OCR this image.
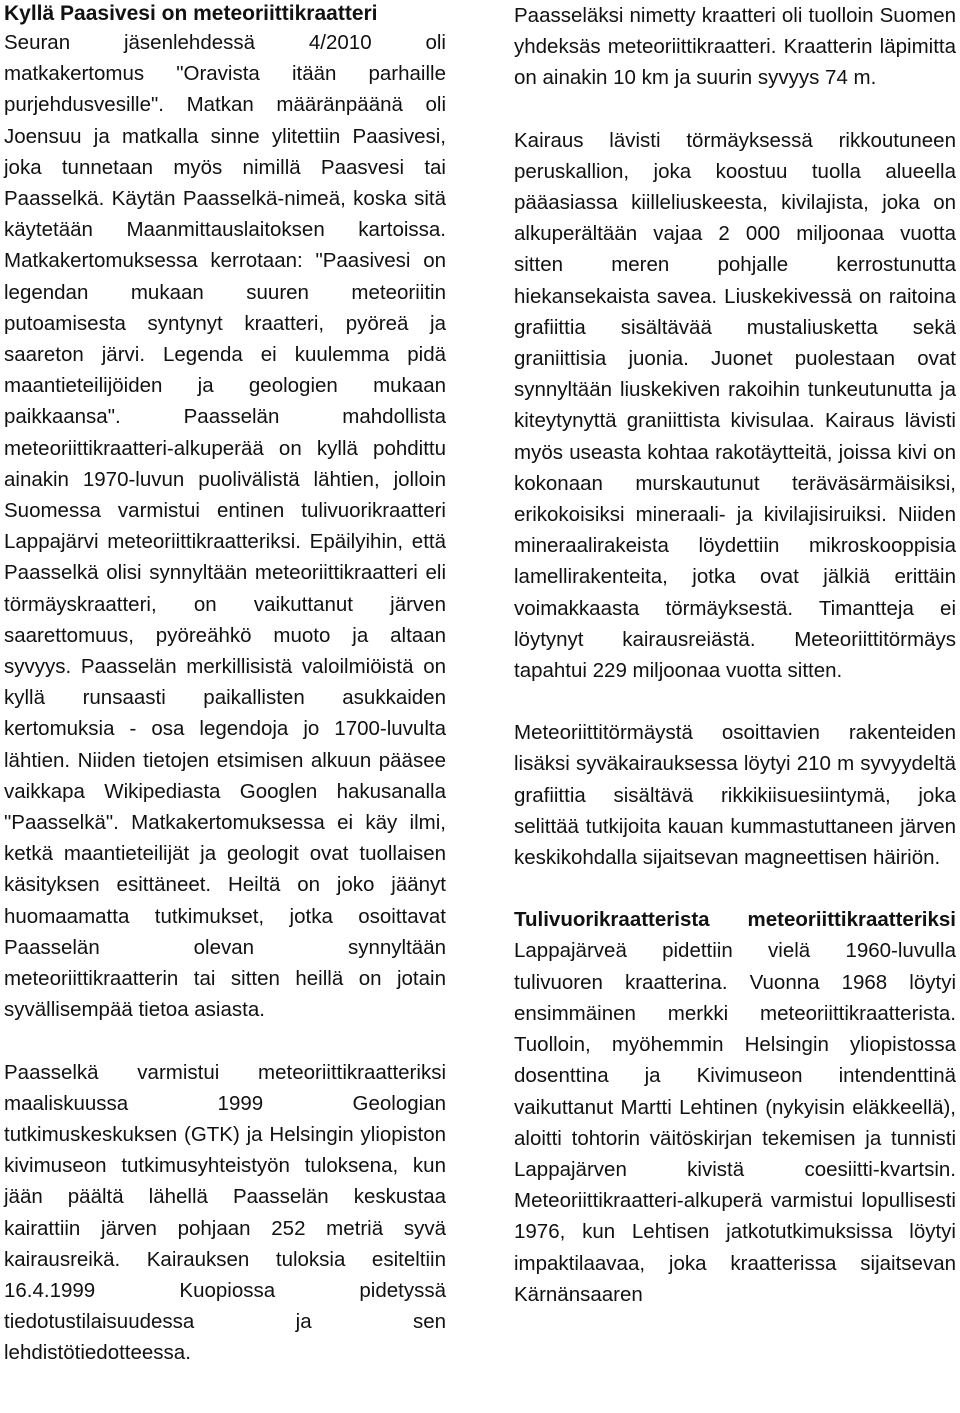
Kyllä Paasivesi on meteoriittikraatteri

Seuran jäsenlehdessä 4/2010 oli matkakertomus "Oravista itään parhaille purjehdusvesille". Matkan määränpäänä oli Joensuu ja matkalla sinne ylitettiin Paasivesi, joka tunnetaan myös nimillä Paasvesi tai Paasselkä. Käytän Paasselkä-nimeä, koska sitä käytetään Maanmittauslaitoksen kartoissa. Matkakertomuksessa kerrotaan: "Paasivesi on legendan mukaan suuren meteoriitin putoamisesta syntynyt kraatteri, pyöreä ja saareton järvi. Legenda ei kuulemma pidä maantieteilijöiden ja geologien mukaan paikkaansa". Paasselän mahdollista meteoriittikraatteri-alkuperää on kyllä pohdittu ainakin 1970-luvun puolivälistä lähtien, jolloin Suomessa varmistui entinen tulivuorikraatteri Lappajärvi meteoriittikraatteriksi. Epäilyihin, että Paasselkä olisi synnyltään meteoriittikraatteri eli törmäyskraatteri, on vaikuttanut järven saarettomuus, pyöreähkö muoto ja altaan syvyys. Paasselän merkillisistä valoilmiöistä on kyllä runsaasti paikallisten asukkaiden kertomuksia - osa legendoja jo 1700-luvulta lähtien. Niiden tietojen etsimisen alkuun pääsee vaikkapa Wikipediasta Googlen hakusanalla "Paasselkä". Matkakertomuksessa ei käy ilmi, ketkä maantieteilijät ja geologit ovat tuollaisen käsityksen esittäneet. Heiltä on joko jäänyt huomaamatta tutkimukset, jotka osoittavat Paasselän olevan synnyltään meteoriittikraatterin tai sitten heillä on jotain syvällisempää tietoa asiasta.

Paasselkä varmistui meteoriittikraatteriksi maaliskuussa 1999 Geologian tutkimuskeskuksen (GTK) ja Helsingin yliopiston kivimuseon tutkimusyhteistyön tuloksena, kun jään päältä lähellä Paasselän keskustaa kairattiin järven pohjaan 252 metriä syvä kairausreikä. Kairauksen tuloksia esiteltiin 16.4.1999 Kuopiossa pidetyssä tiedotustilaisuudessa ja sen lehdistötiedotteessa.

Paasseläksi nimetty kraatteri oli tuolloin Suomen yhdeksäs meteoriittikraatteri. Kraatterin läpimitta on ainakin 10 km ja suurin syvyys 74 m.

Kairaus lävisti törmäyksessä rikkoutuneen peruskallion, joka koostuu tuolla alueella pääasiassa kiilleliuskeesta, kivilajista, joka on alkuperältään vajaa 2 000 miljoonaa vuotta sitten meren pohjalle kerrostunutta hiekansekaista savea. Liuskekivessä on raitoina grafiittia sisältävää mustaliusketta sekä graniittisia juonia. Juonet puolestaan ovat synnyltään liuskekiven rakoihin tunkeutunutta ja kiteytynyttä graniittista kivisulaa. Kairaus lävisti myös useasta kohtaa rakotäytteitä, joissa kivi on kokonaan murskautunut teräväsärmäisiksi, erikokoisiksi mineraali- ja kivilajisiruiksi. Niiden mineraalirakeista löydettiin mikroskooppisia lamellirakenteita, jotka ovat jälkiä erittäin voimakkaasta törmäyksestä. Timantteja ei löytynyt kairausreiästä. Meteoriittitörmäys tapahtui 229 miljoonaa vuotta sitten.

Meteoriittitörmäystä osoittavien rakenteiden lisäksi syväkairauksessa löytyi 210 m syvyydeltä grafiittia sisältävä rikkikiisuesiintymä, joka selittää tutkijoita kauan kummastuttaneen järven keskikohdalla sijaitsevan magneettisen häiriön.

Tulivuorikraatterista meteoriittikraatteriksi Lappajärveä pidettiin vielä 1960-luvulla tulivuoren kraatterina. Vuonna 1968 löytyi ensimmäinen merkki meteoriittikraatterista. Tuolloin, myöhemmin Helsingin yliopistossa dosenttina ja Kivimuseon intendenttinä vaikuttanut Martti Lehtinen (nykyisin eläkkeellä), aloitti tohtorin väitöskirjan tekemisen ja tunnisti Lappajärven kivistä coesiitti-kvartsin. Meteoriittikraatteri-alkuperä varmistui lopullisesti 1976, kun Lehtisen jatkotutkimuksissa löytyi impaktilaavaa, joka kraatterissa sijaitsevan Kärnänsaaren
